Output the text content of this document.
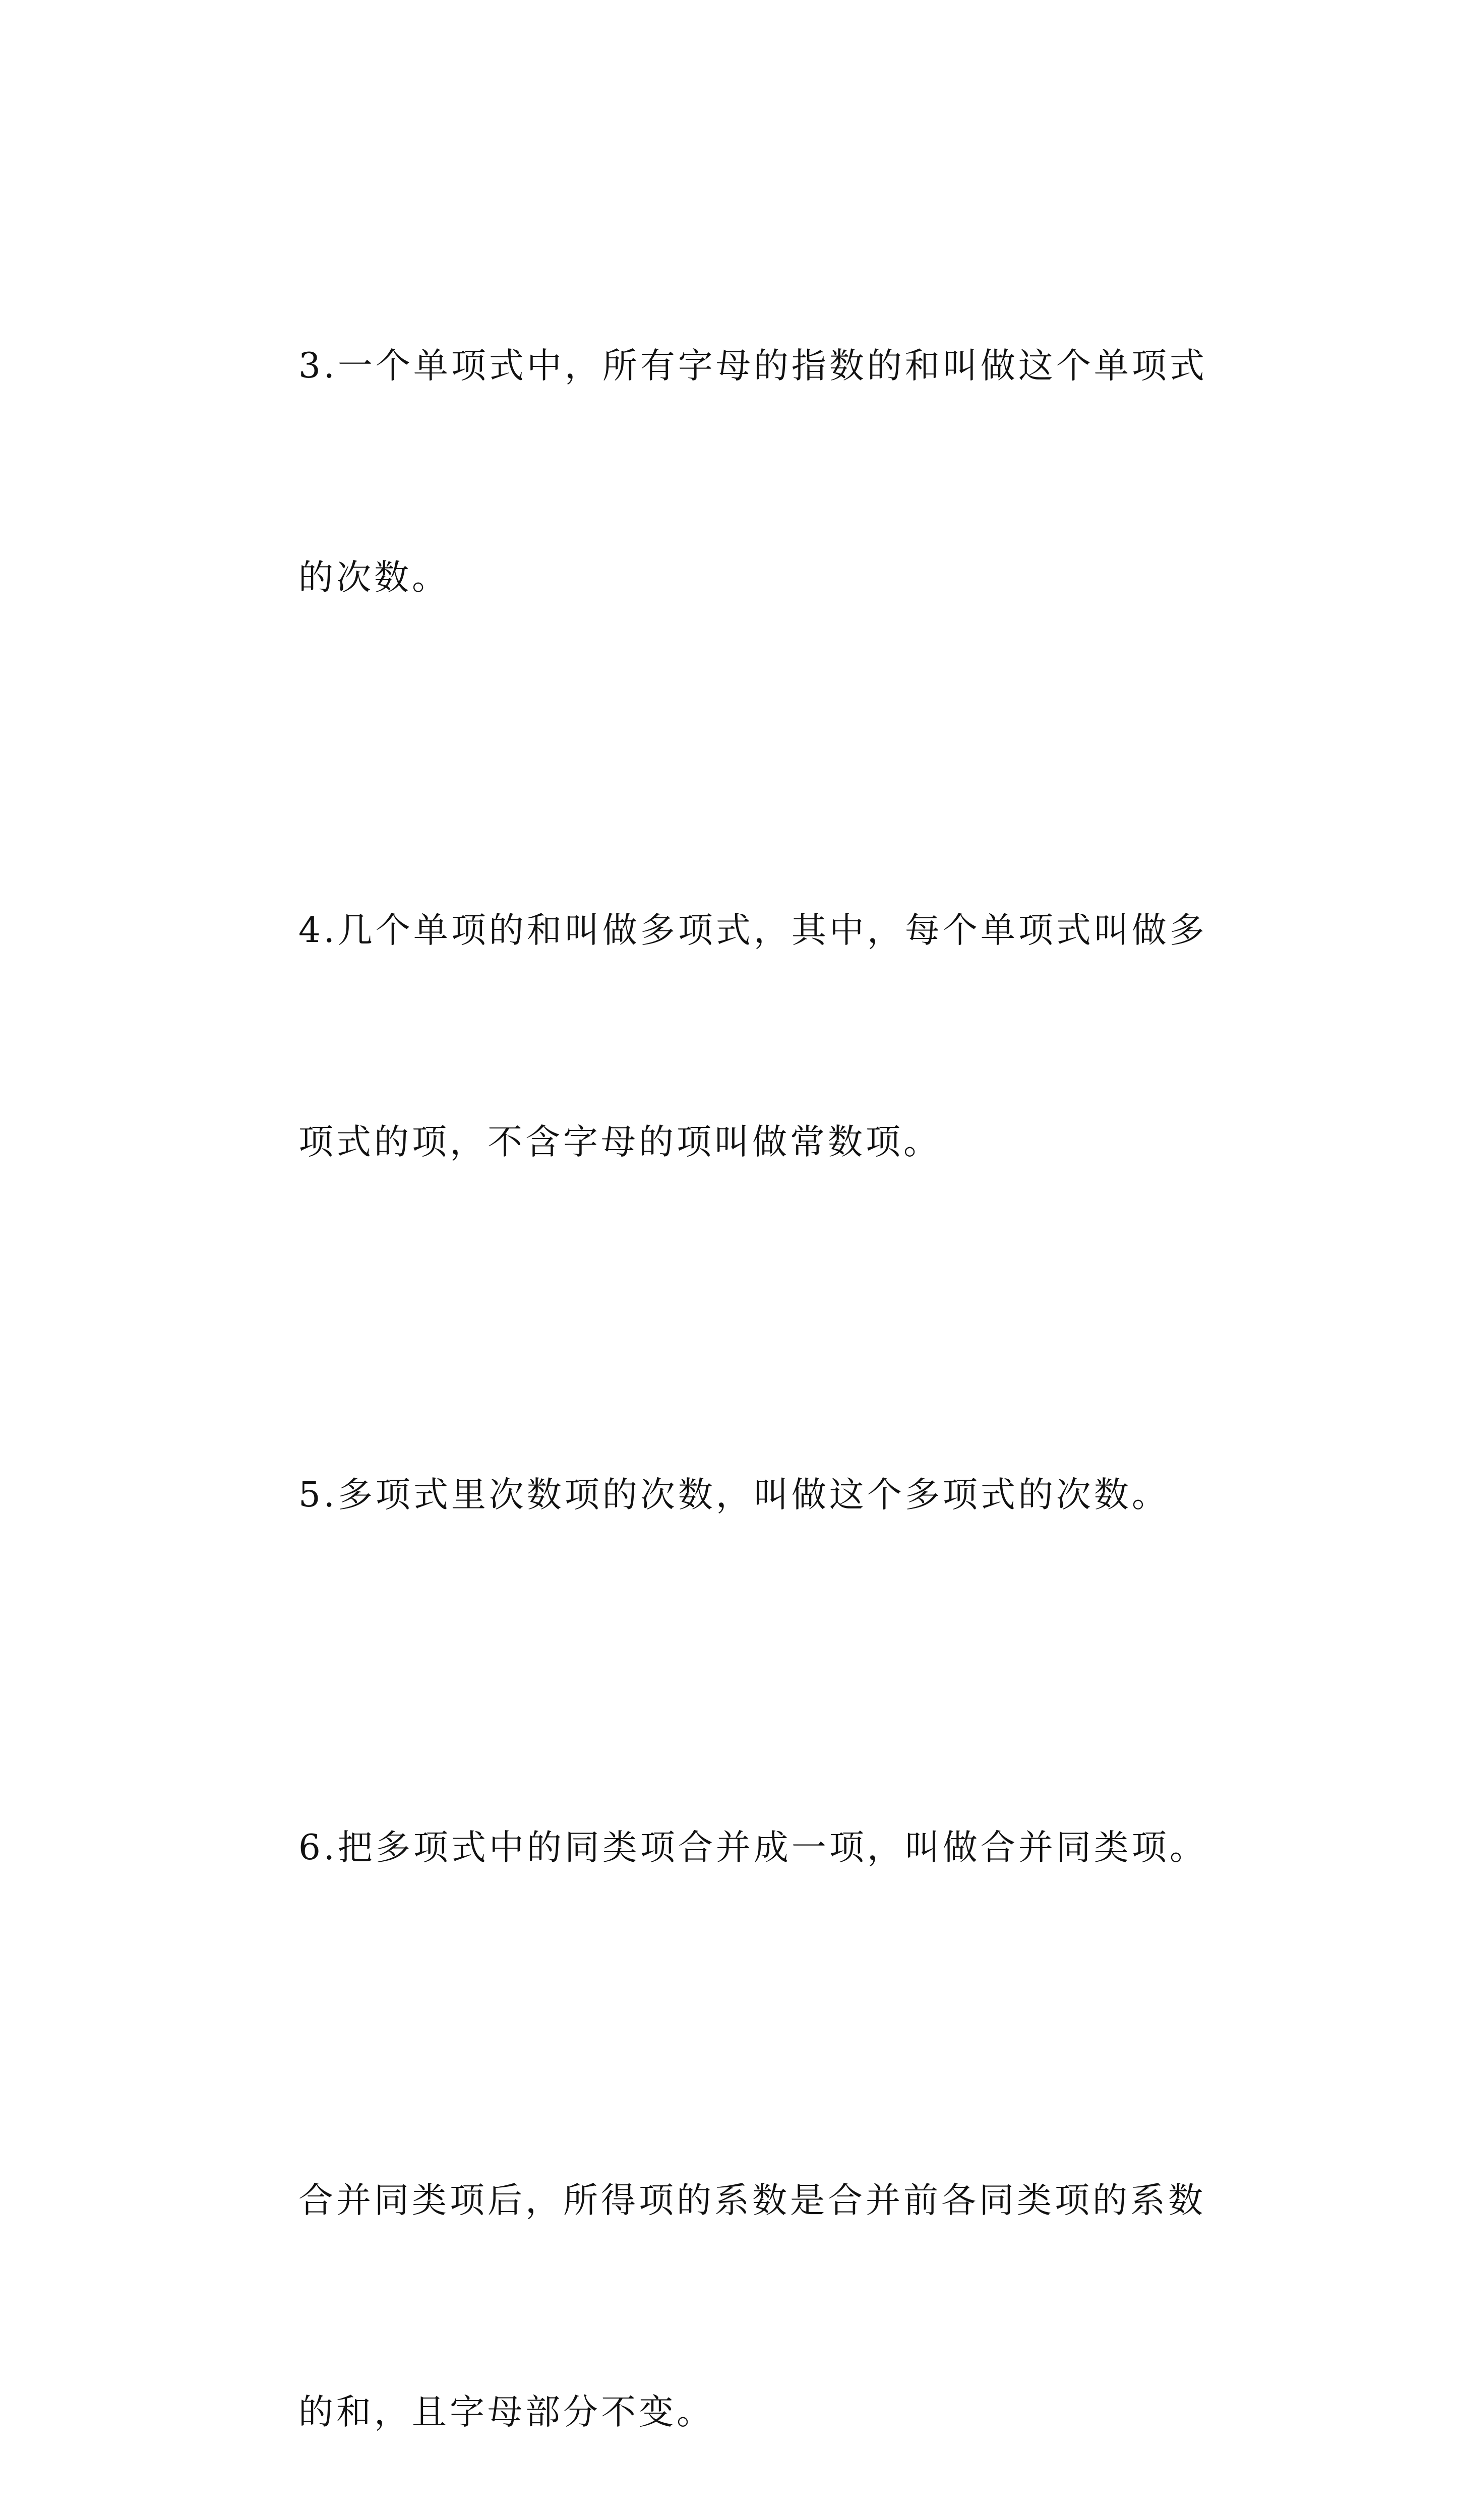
3.一个单项式中，所有字母的指数的和叫做这个单项式

的次数。

4.几个单项的和叫做多项式，其中，每个单项式叫做多

项式的项，不含字母的项叫做常数项。

5.多项式里次数项的次数，叫做这个多项式的次数。

6.把多项式中的同类项合并成一项，叫做合并同类项。

合并同类项后，所得项的系数是合并前各同类项的系数

的和，且字母部分不变。
